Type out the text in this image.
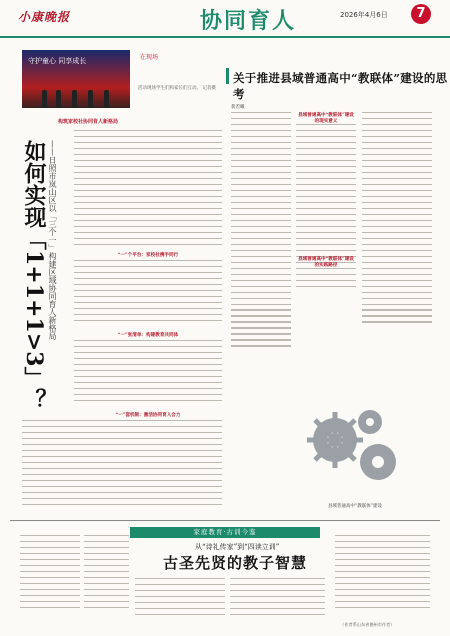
小康晚报	协同育人	2026年4月6日	7
守护童心 同享成长	在现场
活动现场学生们和家长们互动。 记者摄
构筑家校社协同育人新格局
如何实现「1+1+1>3」？ ——日照市岚山区以「三个一」构建区域协同育人新格局	“一”个平台：家校社携手同行
“一”张清单：构建教育共同体
“一”套机制：激活协同育人合力
关于推进县域普通高中“教联体”建设的思考
裴若曦
县域普通高中“教联体”建设的现实意义
县域普通高中“教联体”建设的实践路径
县域普通高中“教联体”建设
家庭教育·古训今鉴
从“诗礼传家”到“四读立训”
古圣先贤的教子智慧
（作者系山东省德州市作者）
